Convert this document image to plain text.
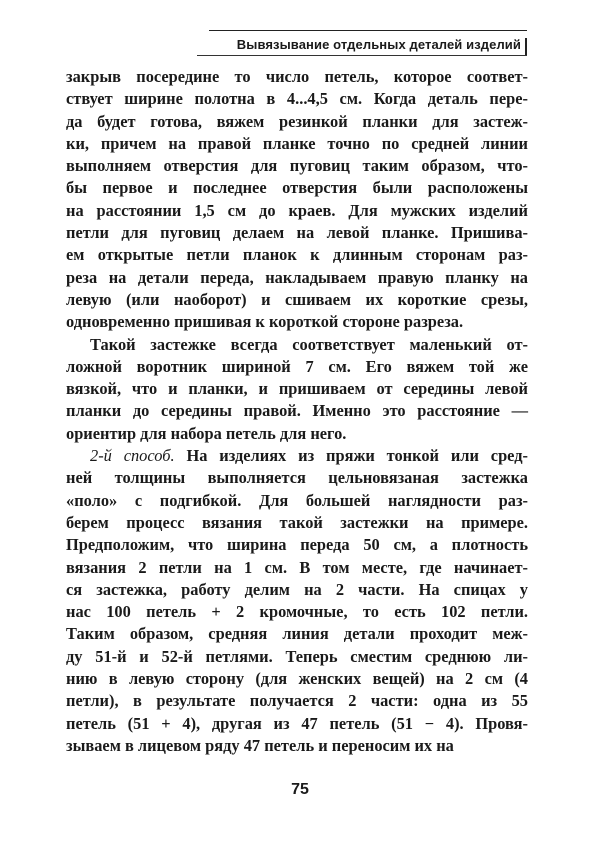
Вывязывание отдельных деталей изделий
закрыв посередине то число петель, которое соответ-
ствует ширине полотна в 4...4,5 см. Когда деталь пере-
да будет готова, вяжем резинкой планки для застеж-
ки, причем на правой планке точно по средней линии
выполняем отверстия для пуговиц таким образом, что-
бы первое и последнее отверстия были расположены
на расстоянии 1,5 см до краев. Для мужских изделий
петли для пуговиц делаем на левой планке. Пришива-
ем открытые петли планок к длинным сторонам раз-
реза на детали переда, накладываем правую планку на
левую (или наоборот) и сшиваем их короткие срезы,
одновременно пришивая к короткой стороне разреза.
Такой застежке всегда соответствует маленький от-
ложной воротник шириной 7 см. Его вяжем той же
вязкой, что и планки, и пришиваем от середины левой
планки до середины правой. Именно это расстояние —
ориентир для набора петель для него.
2-й способ. На изделиях из пряжи тонкой или сред-
ней толщины выполняется цельновязаная застежка
«поло» с подгибкой. Для большей наглядности раз-
берем процесс вязания такой застежки на примере.
Предположим, что ширина переда 50 см, а плотность
вязания 2 петли на 1 см. В том месте, где начинает-
ся застежка, работу делим на 2 части. На спицах у
нас 100 петель + 2 кромочные, то есть 102 петли.
Таким образом, средняя линия детали проходит меж-
ду 51-й и 52-й петлями. Теперь сместим среднюю ли-
нию в левую сторону (для женских вещей) на 2 см (4
петли), в результате получается 2 части: одна из 55
петель (51 + 4), другая из 47 петель (51 − 4). Провя-
зываем в лицевом ряду 47 петель и переносим их на
75
